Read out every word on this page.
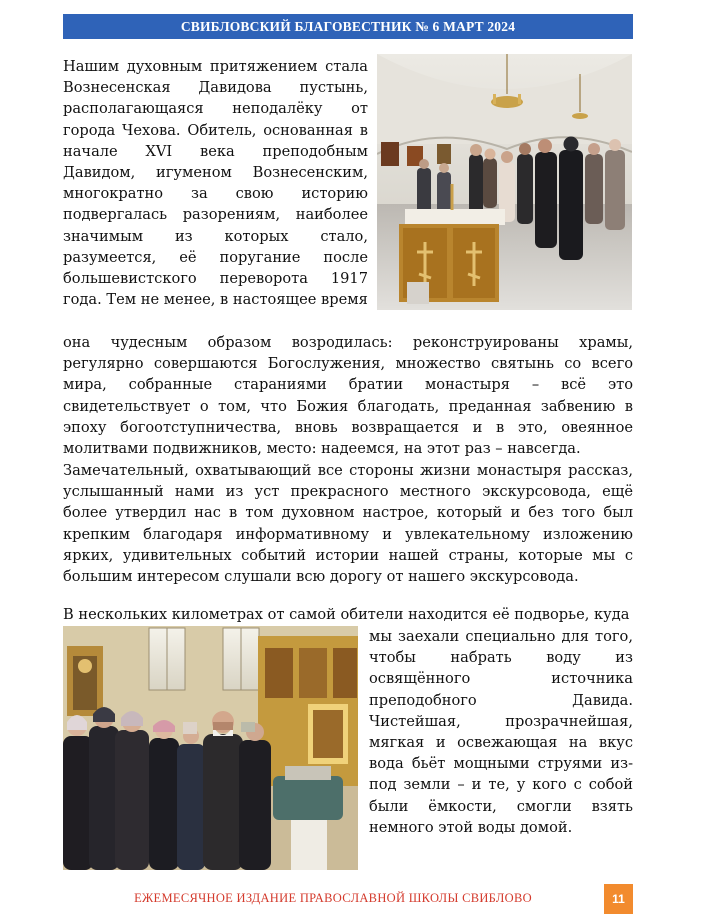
СВИБЛОВСКИЙ БЛАГОВЕСТНИК № 6 МАРТ 2024

Нашим духовным притяжением стала Вознесенская Давидова пустынь, располагающаяся неподалёку от города Чехова. Обитель, основанная в начале XVI века преподобным Давидом, игуменом Вознесенским, многократно за свою историю подвергалась разорениям, наиболее значимым из которых стало, разумеется, её поругание после большевистского переворота 1917 года. Тем не менее, в настоящее время

она чудесным образом возродилась: реконструированы храмы, регулярно совершаются Богослужения, множество святынь со всего мира, собранные стараниями братии монастыря – всё это свидетельствует о том, что Божия благодать, преданная забвению в эпоху богоотступничества, вновь возвращается и в это, овеянное молитвами подвижников, место: надеемся, на этот раз – навсегда.

Замечательный, охватывающий все стороны жизни монастыря рассказ, услышанный нами из уст прекрасного местного экскурсовода, ещё более утвердил нас в том духовном настрое, который и без того был крепким благодаря информативному и увлекательному изложению ярких, удивительных событий истории нашей страны, которые мы с большим интересом слушали всю дорогу от нашего экскурсовода.

В нескольких километрах от самой обители находится её подворье, куда

мы заехали специально для того, чтобы набрать воду из освящённого источника преподобного Давида. Чистейшая, прозрачнейшая, мягкая и освежающая на вкус вода бьёт мощными струями из-под земли – и те, у кого с собой были ёмкости, смогли взять немного этой воды домой.

ЕЖЕМЕСЯЧНОЕ ИЗДАНИЕ ПРАВОСЛАВНОЙ ШКОЛЫ СВИБЛОВО	11
